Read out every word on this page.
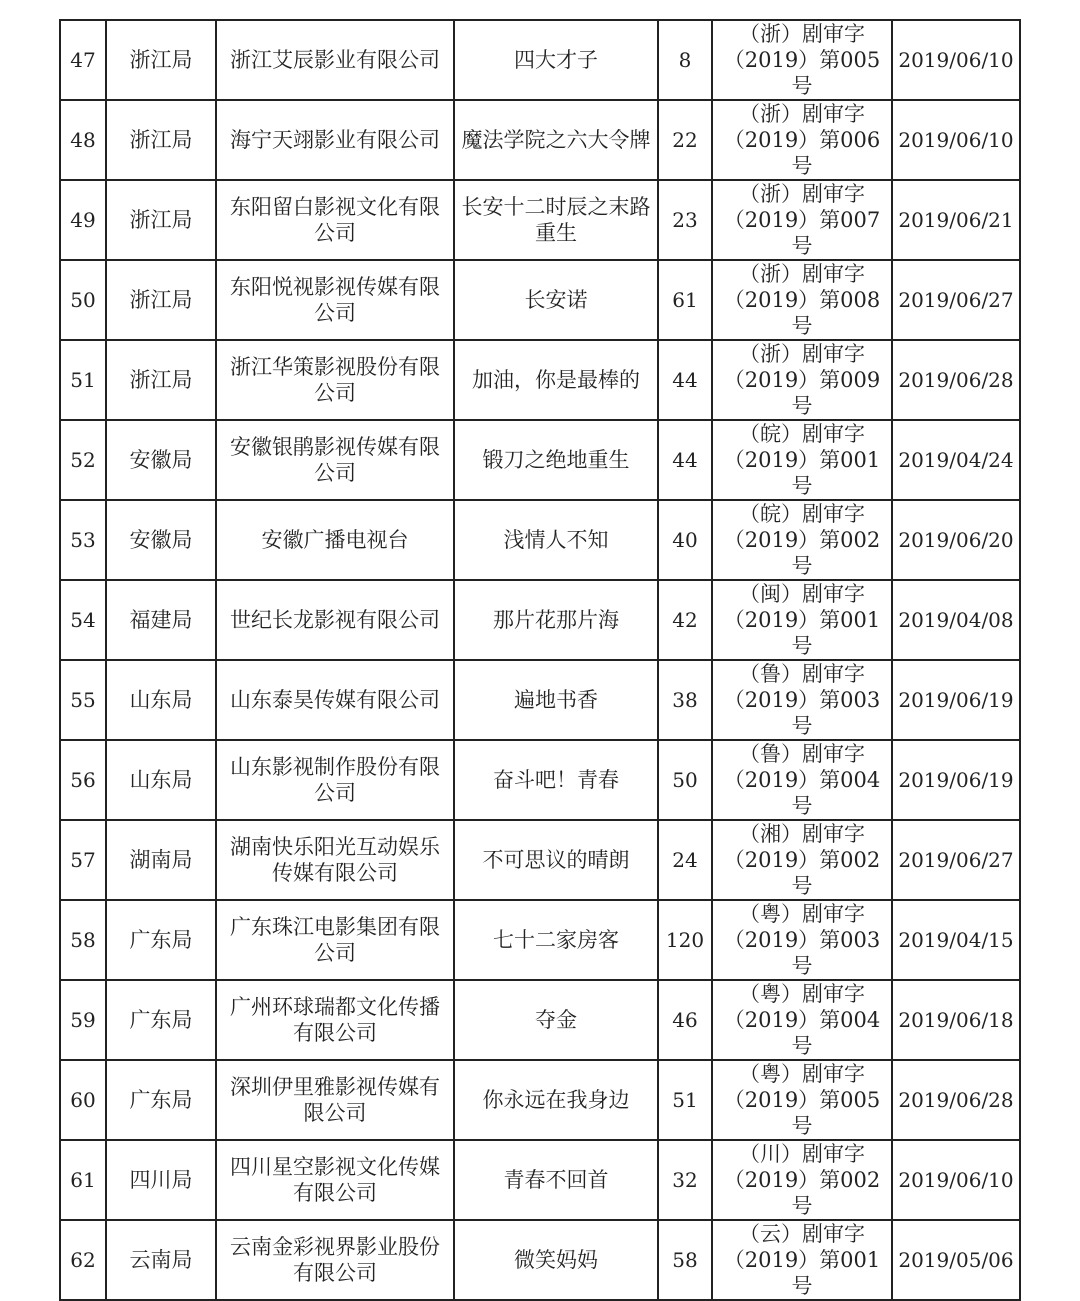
47	浙江局	浙江艾辰影业有限公司	四大才子	8	（浙）剧审字
（2019）第005号	2019/06/10
48	浙江局	海宁天翊影业有限公司	魔法学院之六大令牌	22	（浙）剧审字
（2019）第006号	2019/06/10
49	浙江局	东阳留白影视文化有限公司	长安十二时辰之末路重生	23	（浙）剧审字
（2019）第007号	2019/06/21
50	浙江局	东阳悦视影视传媒有限公司	长安诺	61	（浙）剧审字
（2019）第008号	2019/06/27
51	浙江局	浙江华策影视股份有限公司	加油，你是最棒的	44	（浙）剧审字
（2019）第009号	2019/06/28
52	安徽局	安徽银鹃影视传媒有限公司	锻刀之绝地重生	44	（皖）剧审字
（2019）第001号	2019/04/24
53	安徽局	安徽广播电视台	浅情人不知	40	（皖）剧审字
（2019）第002号	2019/06/20
54	福建局	世纪长龙影视有限公司	那片花那片海	42	（闽）剧审字
（2019）第001号	2019/04/08
55	山东局	山东泰昊传媒有限公司	遍地书香	38	（鲁）剧审字
（2019）第003号	2019/06/19
56	山东局	山东影视制作股份有限公司	奋斗吧！青春	50	（鲁）剧审字
（2019）第004号	2019/06/19
57	湖南局	湖南快乐阳光互动娱乐传媒有限公司	不可思议的晴朗	24	（湘）剧审字
（2019）第002号	2019/06/27
58	广东局	广东珠江电影集团有限公司	七十二家房客	120	（粤）剧审字
（2019）第003号	2019/04/15
59	广东局	广州环球瑞都文化传播有限公司	夺金	46	（粤）剧审字
（2019）第004号	2019/06/18
60	广东局	深圳伊里雅影视传媒有限公司	你永远在我身边	51	（粤）剧审字
（2019）第005号	2019/06/28
61	四川局	四川星空影视文化传媒有限公司	青春不回首	32	（川）剧审字
（2019）第002号	2019/06/10
62	云南局	云南金彩视界影业股份有限公司	微笑妈妈	58	（云）剧审字
（2019）第001号	2019/05/06
